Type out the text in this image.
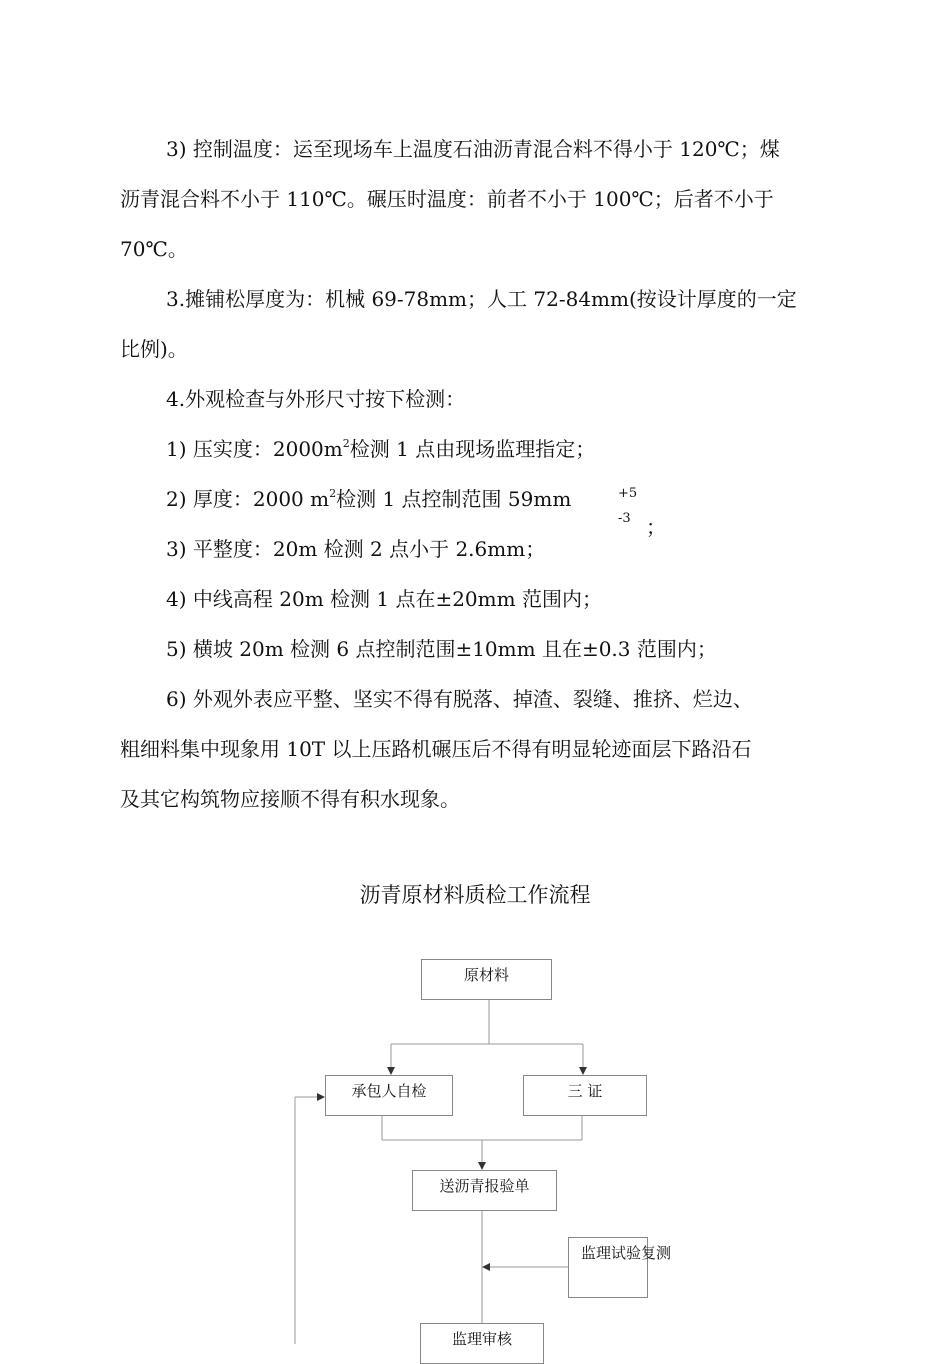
3) 控制温度：运至现场车上温度石油沥青混合料不得小于 120℃；煤
沥青混合料不小于 110℃。碾压时温度：前者不小于 100℃；后者不小于
70℃。
3.摊铺松厚度为：机械 69-78mm；人工 72-84mm(按设计厚度的一定
比例)。
4.外观检查与外形尺寸按下检测：
1) 压实度：$2000m^2$检测 1 点由现场监理指定；
2) 厚度：2000 $m^2$检测 1 点控制范围 59mm	+5
-3 ；
3) 平整度：20m 检测 2 点小于 2.6mm；
4) 中线高程 20m 检测 1 点在±20mm 范围内；
5) 横坡 20m 检测 6 点控制范围±10mm 且在±0.3 范围内；
6) 外观外表应平整、坚实不得有脱落、掉渣、裂缝、推挤、烂边、
粗细料集中现象用 10T 以上压路机碾压后不得有明显轮迹面层下路沿石
及其它构筑物应接顺不得有积水现象。
沥青原材料质检工作流程
原材料
承包人自检	三 证
送沥青报验单
监理试验复测
监理审核
